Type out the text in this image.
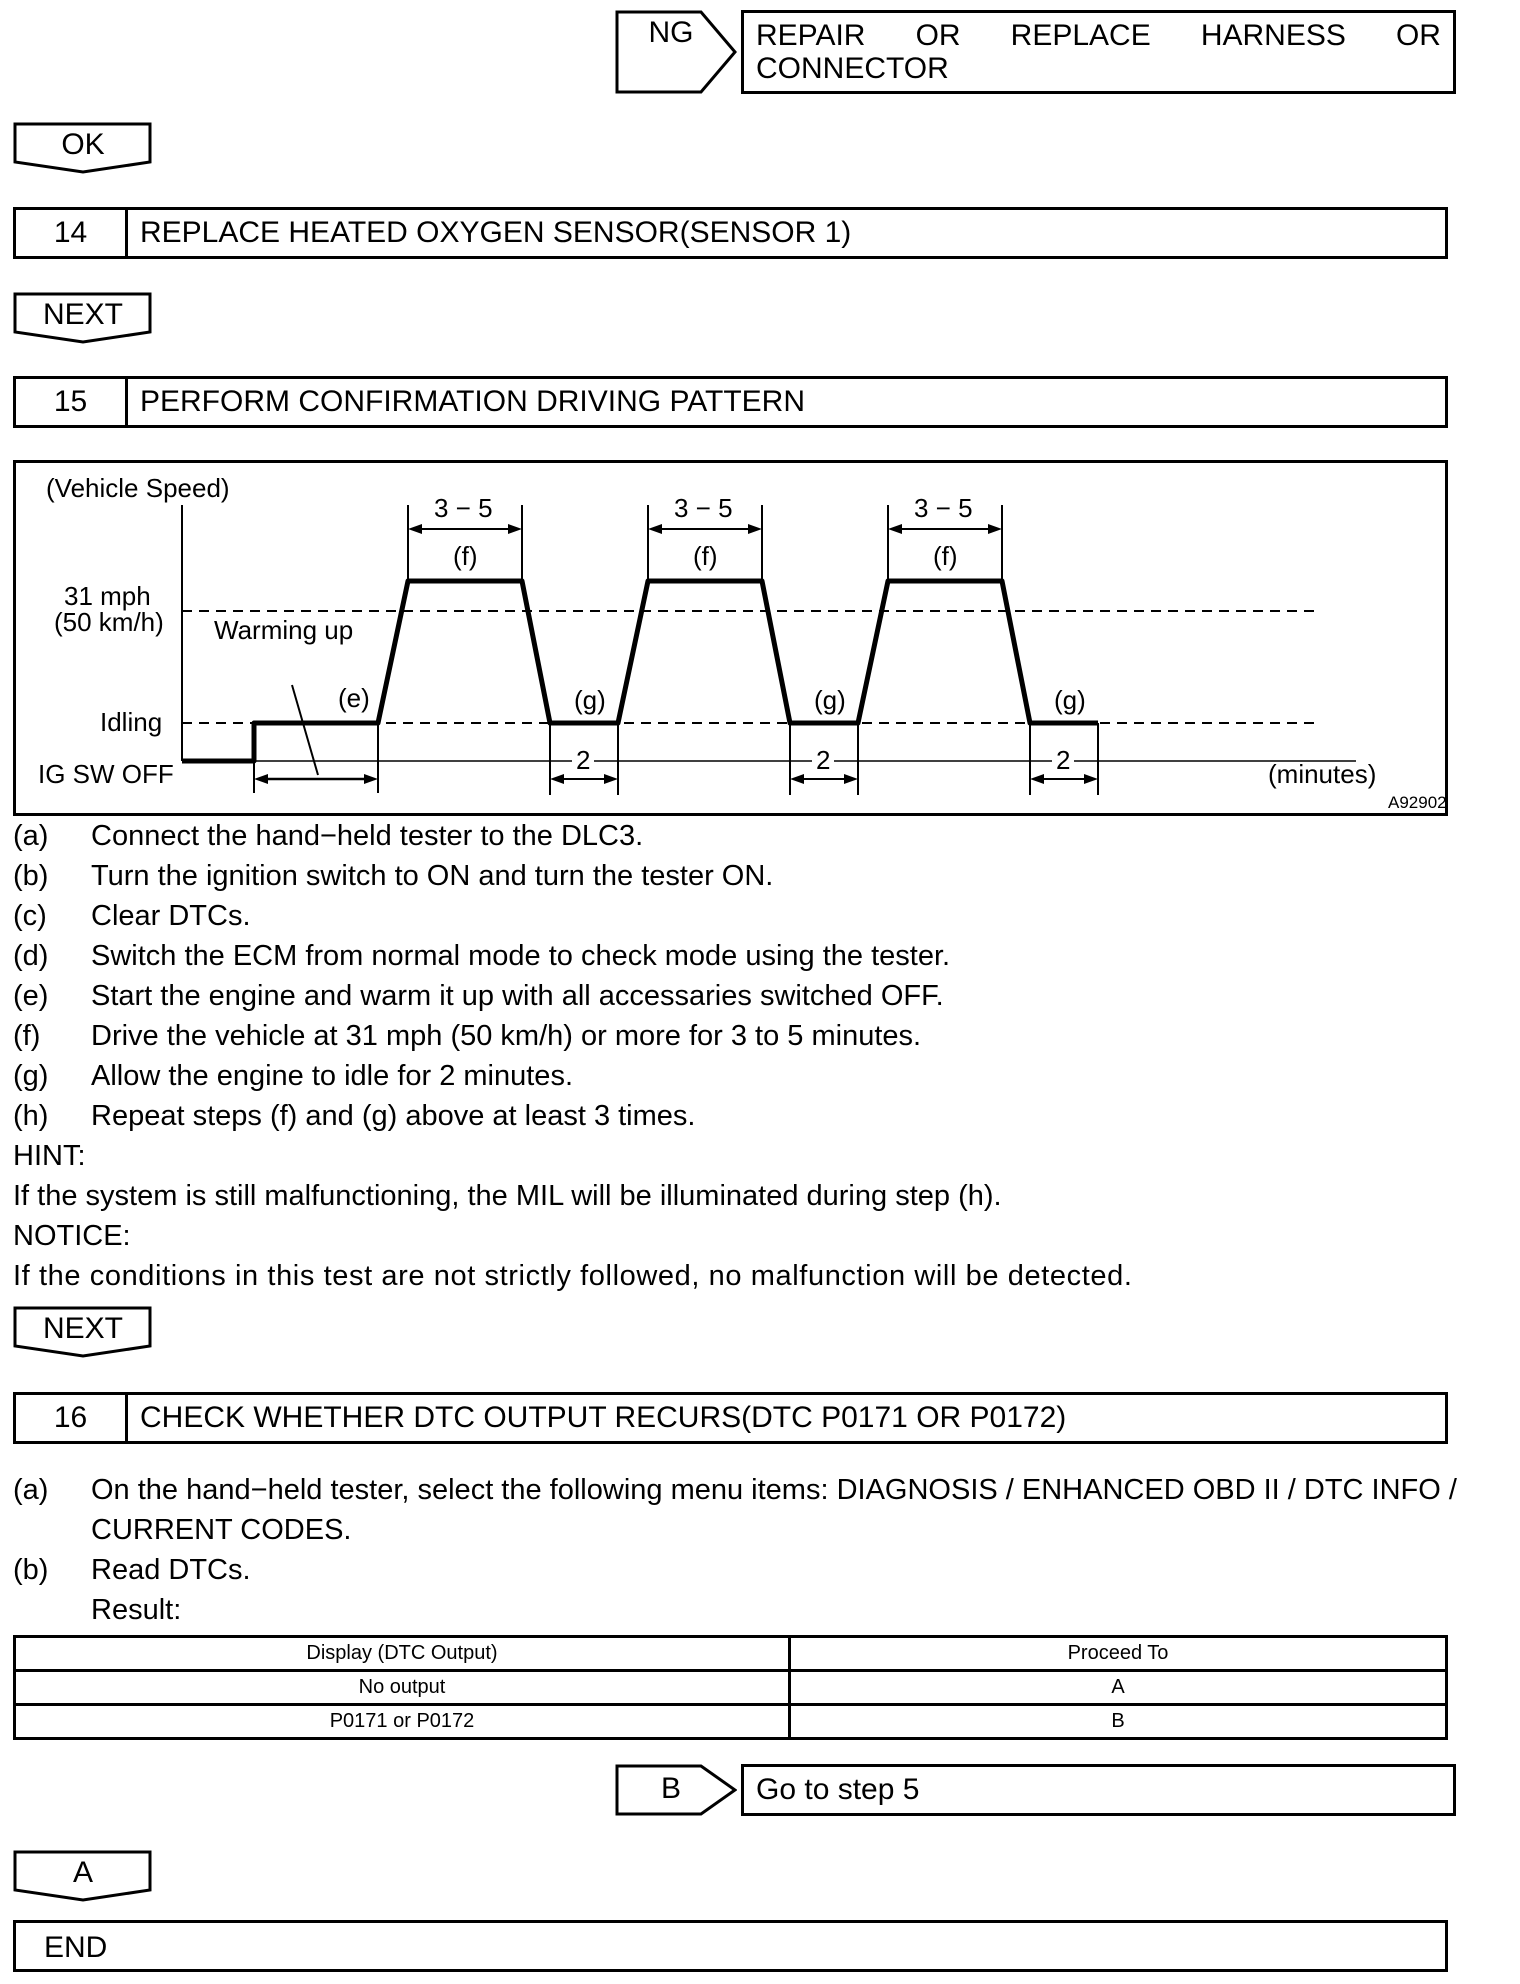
NG	REPAIR OR REPLACE HARNESS OR
CONNECTOR
OK
14	REPLACE HEATED OXYGEN SENSOR(SENSOR 1)
NEXT
15	PERFORM CONFIRMATION DRIVING PATTERN
(Vehicle Speed)
31 mph
(50 km/h) Warming up
Idling
IG SW OFF	(minutes)
A92902
3 − 5	3 − 5	3 − 5
(f)	(f)	(f)
(e)	(g)	(g)	(g)
2	2	2
(a)	Connect the hand−held tester to the DLC3.
(b)	Turn the ignition switch to ON and turn the tester ON.
(c)	Clear DTCs.
(d)	Switch the ECM from normal mode to check mode using the tester.
(e)	Start the engine and warm it up with all accessaries switched OFF.
(f)	Drive the vehicle at 31 mph (50 km/h) or more for 3 to 5 minutes.
(g)	Allow the engine to idle for 2 minutes.
(h)	Repeat steps (f) and (g) above at least 3 times.
HINT:
If the system is still malfunctioning, the MIL will be illuminated during step (h).
NOTICE:
If the conditions in this test are not strictly followed, no malfunction will be detected.
NEXT
16	CHECK WHETHER DTC OUTPUT RECURS(DTC P0171 OR P0172)
(a)	On the hand−held tester, select the following menu items: DIAGNOSIS / ENHANCED OBD II / DTC INFO / CURRENT CODES.
(b)	Read DTCs.
Result:
Display (DTC Output)	Proceed To
No output	A
P0171 or P0172	B
B	Go to step 5
A
END
